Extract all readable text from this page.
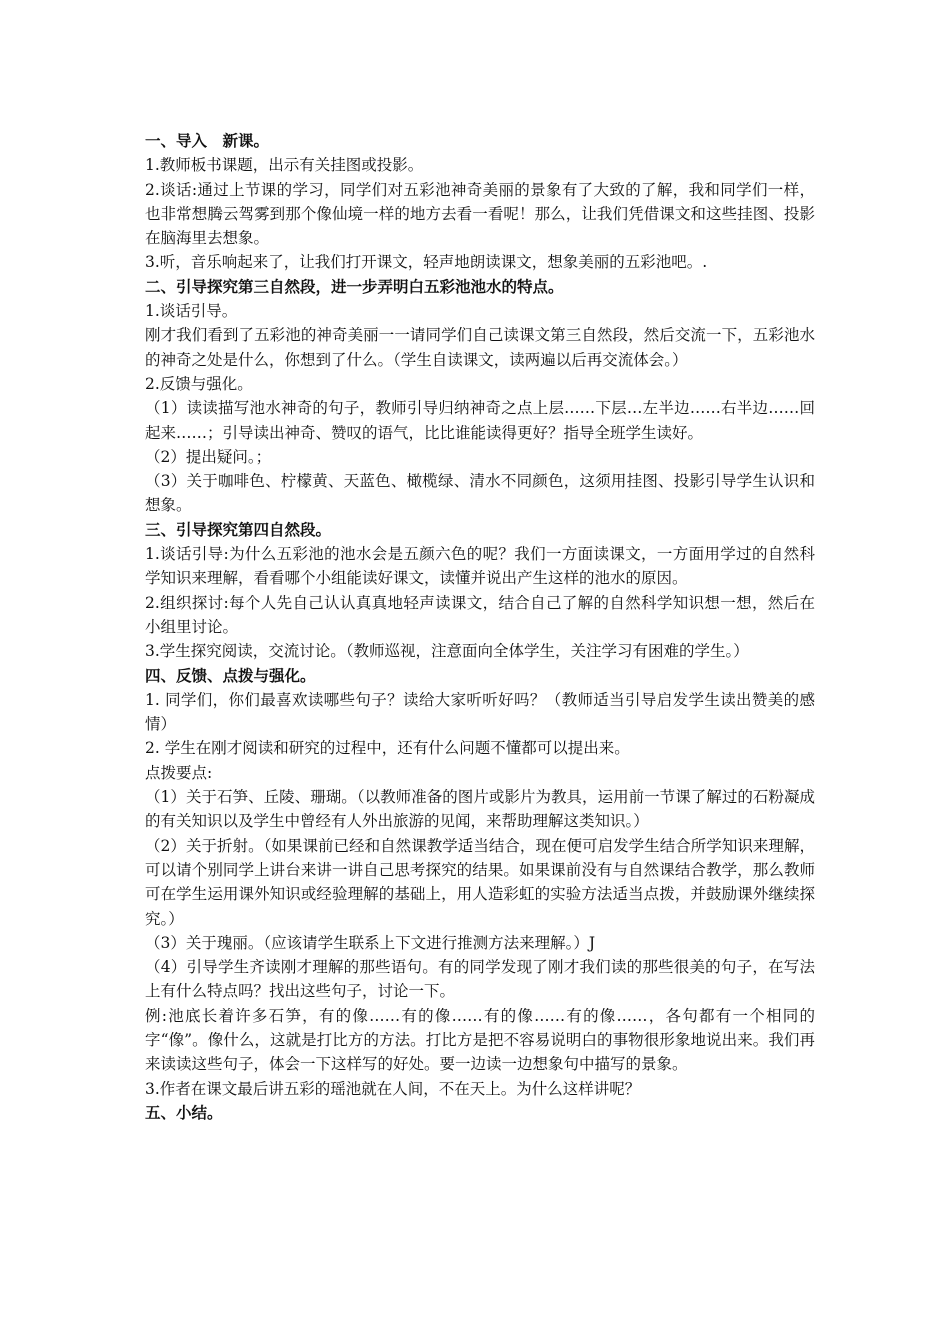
一、导入　新课。

1.教师板书课题，出示有关挂图或投影。

2.谈话:通过上节课的学习，同学们对五彩池神奇美丽的景象有了大致的了解，我和同学们一样，也非常想腾云驾雾到那个像仙境一样的地方去看一看呢！那么，让我们凭借课文和这些挂图、投影在脑海里去想象。

3.听，音乐响起来了，让我们打开课文，轻声地朗读课文，想象美丽的五彩池吧。.

二、引导探究第三自然段，进一步弄明白五彩池池水的特点。

1.谈话引导。

刚才我们看到了五彩池的神奇美丽一一请同学们自己读课文第三自然段，然后交流一下，五彩池水的神奇之处是什么，你想到了什么。（学生自读课文，读两遍以后再交流体会。）

2.反馈与强化。

（1）读读描写池水神奇的句子，教师引导归纳神奇之点上层……下层…左半边……右半边……回起来……；引导读出神奇、赞叹的语气，比比谁能读得更好？指导全班学生读好。

（2）提出疑问。；

（3）关于咖啡色、柠檬黄、天蓝色、橄榄绿、清水不同颜色，这须用挂图、投影引导学生认识和想象。

三、引导探究第四自然段。

1.谈话引导:为什么五彩池的池水会是五颜六色的呢？我们一方面读课文，一方面用学过的自然科学知识来理解，看看哪个小组能读好课文，读懂并说出产生这样的池水的原因。

2.组织探讨:每个人先自己认认真真地轻声读课文，结合自己了解的自然科学知识想一想，然后在小组里讨论。

3.学生探究阅读，交流讨论。（教师巡视，注意面向全体学生，关注学习有困难的学生。）

四、反馈、点拨与强化。

1. 同学们，你们最喜欢读哪些句子？读给大家听听好吗？（教师适当引导启发学生读出赞美的感情）

2. 学生在刚才阅读和研究的过程中，还有什么问题不懂都可以提出来。

点拨要点:

（1）关于石笋、丘陵、珊瑚。（以教师准备的图片或影片为教具，运用前一节课了解过的石粉凝成的有关知识以及学生中曾经有人外出旅游的见闻，来帮助理解这类知识。）

（2）关于折射。（如果课前已经和自然课教学适当结合，现在便可启发学生结合所学知识来理解，可以请个别同学上讲台来讲一讲自己思考探究的结果。如果课前没有与自然课结合教学，那么教师可在学生运用课外知识或经验理解的基础上，用人造彩虹的实验方法适当点拨，并鼓励课外继续探究。）

（3）关于瑰丽。（应该请学生联系上下文进行推测方法来理解。）J

（4）引导学生齐读刚才理解的那些语句。有的同学发现了刚才我们读的那些很美的句子，在写法上有什么特点吗？找出这些句子，讨论一下。

例:池底长着许多石笋，有的像……有的像……有的像……有的像……，各句都有一个相同的字“像”。像什么，这就是打比方的方法。打比方是把不容易说明白的事物很形象地说出来。我们再来读读这些句子，体会一下这样写的好处。要一边读一边想象句中描写的景象。

3.作者在课文最后讲五彩的瑶池就在人间，不在天上。为什么这样讲呢？

五、小结。
